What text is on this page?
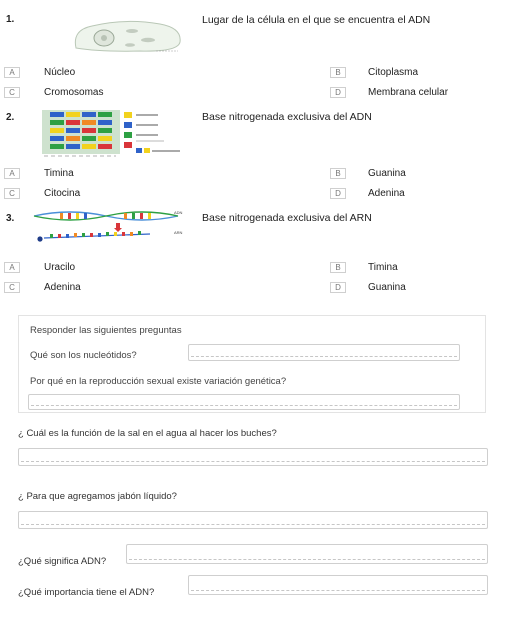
1.	Lugar de la célula en el que se encuentra el ADN
A	Núcleo	B	Citoplasma
C	Cromosomas	D	Membrana celular
2.	Base nitrogenada exclusiva del ADN
A	Timina	B	Guanina
C	Citocina	D	Adenina
3.
ADN
ARN
Base nitrogenada exclusiva del ARN
A	Uracilo	B	Timina
C	Adenina	D	Guanina
Responder las siguientes preguntas
Qué son los nucleótidos?
Por qué en la reproducción sexual existe variación genética?
¿ Cuál es la función de la sal en el agua al hacer los buches?
¿ Para que agregamos jabón líquido?
¿Qué significa ADN?
¿Qué importancia tiene el ADN?
